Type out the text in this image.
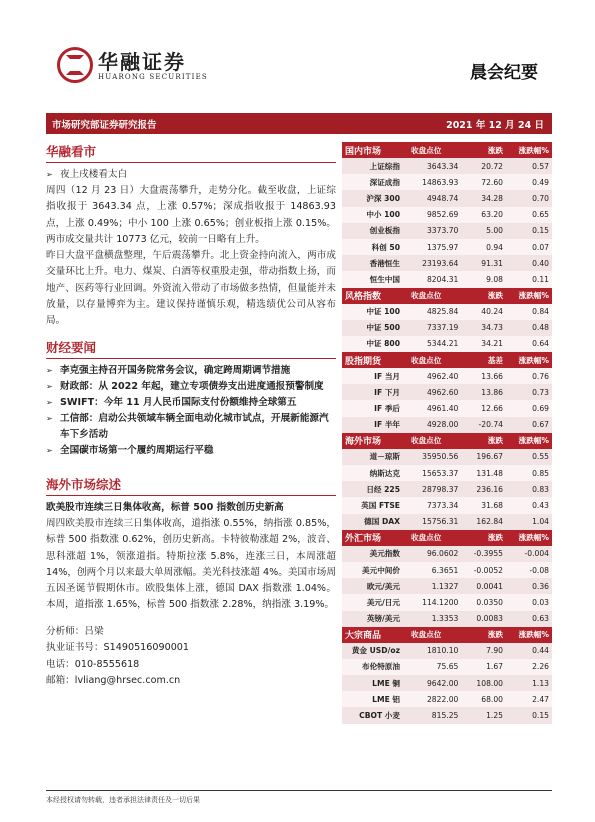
华融证券
HUARONG SECURITIES	晨会纪要
市场研究部证券研究报告	2021 年 12 月 24 日
华融看市
➢ 夜上戌楼看太白
周四（12 月 23 日）大盘震荡攀升，走势分化。截至收盘，上证综指收报于 3643.34 点，上涨 0.57%；深成指收报于 14863.93 点，上涨 0.49%；中小 100 上涨 0.65%；创业板指上涨 0.15%。两市成交量共计 10773 亿元，较前一日略有上升。
昨日大盘平盘横盘整理，午后震荡攀升。北上资金持向流入，两市成交量环比上升。电力、煤炭、白酒等权重股走强，带动指数上扬，而地产、医药等行业回调。外资流入带动了市场做多热情，但量能并未放量，以存量博弈为主。建议保持谨慎乐观，精选绩优公司从容布局。
财经要闻
➢ 李克强主持召开国务院常务会议，确定跨周期调节措施
➢ 财政部：从 2022 年起，建立专项债券支出进度通报预警制度
➢ SWIFT：今年 11 月人民币国际支付份额维持全球第五
➢ 工信部：启动公共领域车辆全面电动化城市试点，开展新能源汽车下乡活动
➢ 全国碳市场第一个履约周期运行平稳
海外市场综述
欧美股市连续三日集体收高，标普 500 指数创历史新高
周四欧美股市连续三日集体收高，道指涨 0.55%，纳指涨 0.85%，标普 500 指数涨 0.62%，创历史新高。卡特彼勒涨超 2%，波音、思科涨超 1%，领涨道指。特斯拉涨 5.8%，连涨三日，本周涨超 14%，创两个月以来最大单周涨幅。美光科技涨超 4%。美国市场周五因圣诞节假期休市。欧股集体上涨，德国 DAX 指数涨 1.04%。本周，道指涨 1.65%，标普 500 指数涨 2.28%，纳指涨 3.19%。
分析师：吕梁
执业证书号：S1490516090001
电话：010-8555618
邮箱：lvliang@hrsec.com.cn
国内市场	收盘点位	涨跌	涨跌幅%
上证综指	3643.34	20.72	0.57
深证成指	14863.93	72.60	0.49
沪深 300	4948.74	34.28	0.70
中小 100	9852.69	63.20	0.65
创业板指	3373.70	5.00	0.15
科创 50	1375.97	0.94	0.07
香港恒生	23193.64	91.31	0.40
恒生中国	8204.31	9.08	0.11
风格指数	收盘点位	涨跌	涨跌幅%
中证 100	4825.84	40.24	0.84
中证 500	7337.19	34.73	0.48
中证 800	5344.21	34.21	0.64
股指期货	收盘点位	基差	涨跌幅%
IF 当月	4962.40	13.66	0.76
IF 下月	4962.60	13.86	0.73
IF 季后	4961.40	12.66	0.69
IF 半年	4928.00	-20.74	0.67
海外市场	收盘点位	涨跌	涨跌幅%
道－琼斯	35950.56	196.67	0.55
纳斯达克	15653.37	131.48	0.85
日经 225	28798.37	236.16	0.83
英国 FTSE	7373.34	31.68	0.43
德国 DAX	15756.31	162.84	1.04
外汇市场	收盘点位	涨跌	涨跌幅%
美元指数	96.0602	-0.3955	-0.004
美元中间价	6.3651	-0.0052	-0.08
欧元/美元	1.1327	0.0041	0.36
美元/日元	114.1200	0.0350	0.03
英镑/美元	1.3353	0.0083	0.63
大宗商品	收盘点位	涨跌	涨跌幅%
黄金 USD/oz	1810.10	7.90	0.44
布伦特原油	75.65	1.67	2.26
LME 铜	9642.00	108.00	1.13
LME 铝	2822.00	68.00	2.47
CBOT 小麦	815.25	1.25	0.15
本经授权请勿转载，违者承担法律责任及一切后果
